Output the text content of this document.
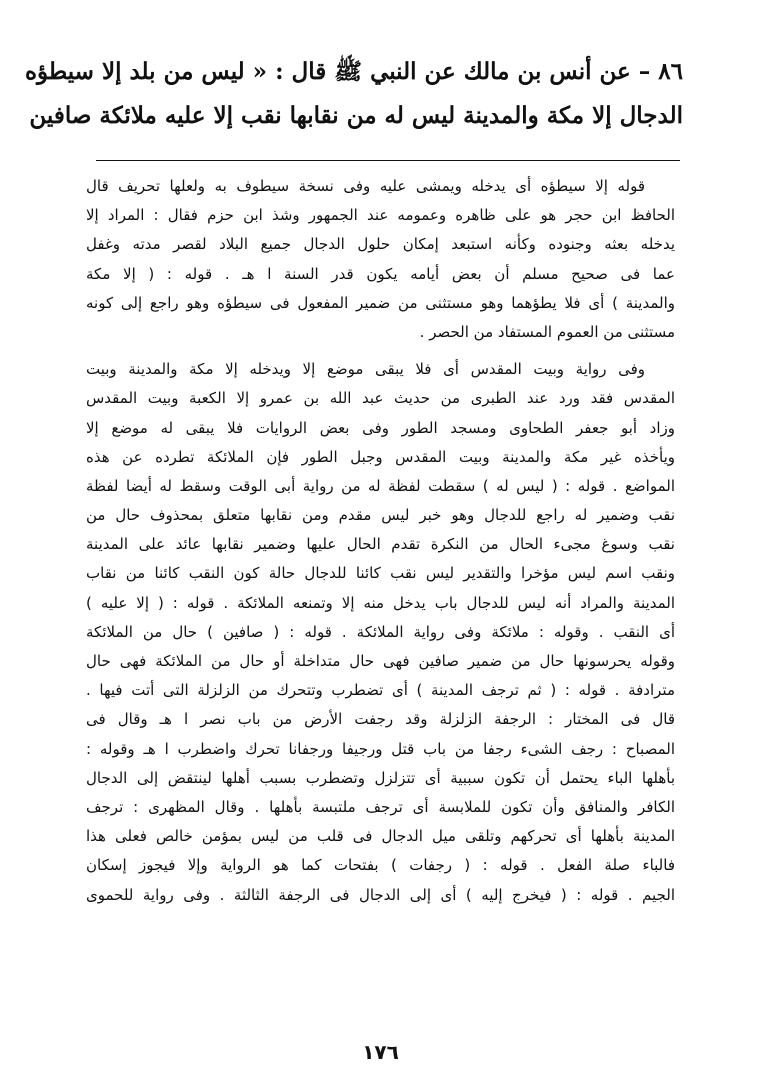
٨٦ – عن أنس بن مالك عن النبي ﷺ قال : « ليس من بلد إلا سيطؤه
الدجال إلا مكة والمدينة ليس له من نقابها نقب إلا عليه ملائكة صافين
قوله إلا سيطؤه أى يدخله ويمشى عليه وفى نسخة سيطوف به ولعلها تحريف قال
الحافظ ابن حجر هو على ظاهره وعمومه عند الجمهور وشذ ابن حزم فقال : المراد إلا
يدخله بعثه وجنوده وكأنه استبعد إمكان حلول الدجال جميع البلاد لقصر مدته وغفل
عما فى صحيح مسلم أن بعض أيامه يكون قدر السنة ا هـ . قوله : ( إلا مكة
والمدينة ) أى فلا يطؤهما وهو مستثنى من ضمير المفعول فى سيطؤه وهو راجع إلى كونه
مستثنى من العموم المستفاد من الحصر .
وفى رواية وبيت المقدس أى فلا يبقى موضع إلا ويدخله إلا مكة والمدينة وبيت
المقدس فقد ورد عند الطبرى من حديث عبد الله بن عمرو إلا الكعبة وبيت المقدس
وزاد أبو جعفر الطحاوى ومسجد الطور وفى بعض الروايات فلا يبقى له موضع إلا
ويأخذه غير مكة والمدينة وبيت المقدس وجبل الطور فإن الملائكة تطرده عن هذه
المواضع . قوله : ( ليس له ) سقطت لفظة له من رواية أبى الوقت وسقط له أيضا لفظة
نقب وضمير له راجع للدجال وهو خبر ليس مقدم ومن نقابها متعلق بمحذوف حال من
نقب وسوغ مجىء الحال من النكرة تقدم الحال عليها وضمير نقابها عائد على المدينة
ونقب اسم ليس مؤخرا والتقدير ليس نقب كائنا للدجال حالة كون النقب كائنا من نقاب
المدينة والمراد أنه ليس للدجال باب يدخل منه إلا وتمنعه الملائكة . قوله : ( إلا عليه )
أى النقب . وقوله : ملائكة وفى رواية الملائكة . قوله : ( صافين ) حال من الملائكة
وقوله يحرسونها حال من ضمير صافين فهى حال متداخلة أو حال من الملائكة فهى حال
مترادفة . قوله : ( ثم ترجف المدينة ) أى تضطرب وتتحرك من الزلزلة التى أتت فيها .
قال فى المختار : الرجفة الزلزلة وقد رجفت الأرض من باب نصر ا هـ وقال فى
المصباح : رجف الشىء رجفا من باب قتل ورجيفا ورجفانا تحرك واضطرب ا هـ وقوله :
بأهلها الباء يحتمل أن تكون سببية أى تتزلزل وتضطرب بسبب أهلها لينتقض إلى الدجال
الكافر والمنافق وأن تكون للملابسة أى ترجف ملتبسة بأهلها . وقال المظهرى : ترجف
المدينة بأهلها أى تحركهم وتلقى ميل الدجال فى قلب من ليس بمؤمن خالص فعلى هذا
فالباء صلة الفعل . قوله : ( رجفات ) بفتحات كما هو الرواية وإلا فيجوز إسكان
الجيم . قوله : ( فيخرج إليه ) أى إلى الدجال فى الرجفة الثالثة . وفى رواية للحموى
١٧٦
